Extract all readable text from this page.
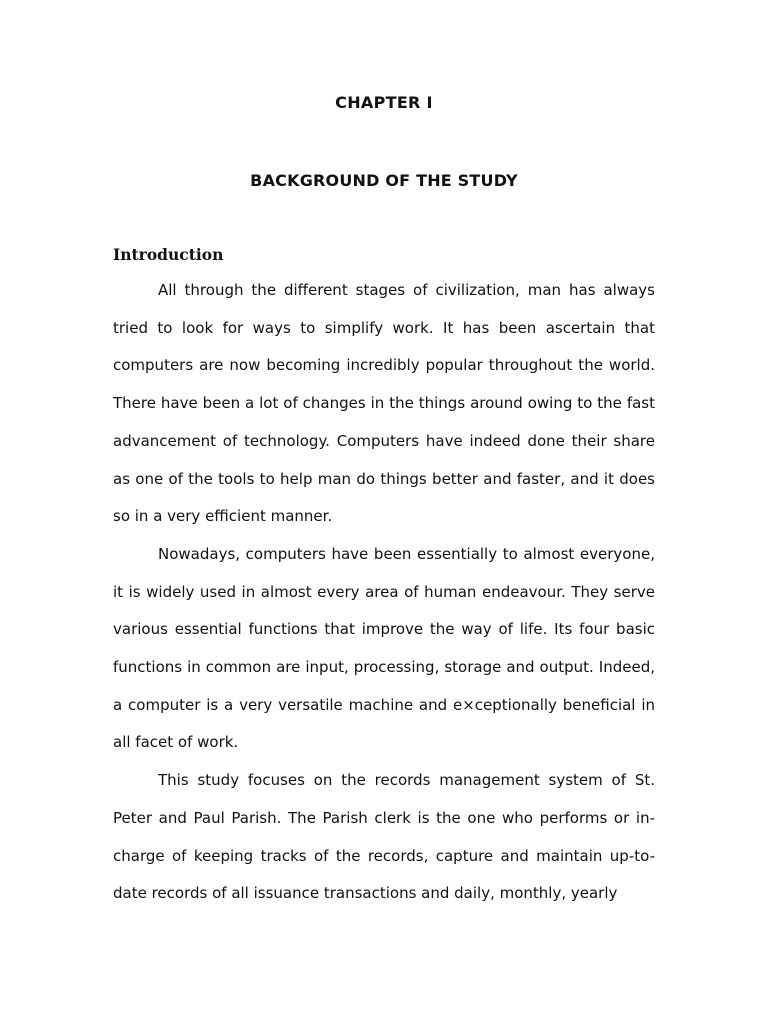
CHAPTER I
BACKGROUND OF THE STUDY
Introduction

All through the different stages of civilization, man has always tried to look for ways to simplify work. It has been ascertain that computers are now becoming incredibly popular throughout the world. There have been a lot of changes in the things around owing to the fast advancement of technology. Computers have indeed done their share as one of the tools to help man do things better and faster, and it does so in a very efficient manner.

Nowadays, computers have been essentially to almost everyone, it is widely used in almost every area of human endeavour. They serve various essential functions that improve the way of life. Its four basic functions in common are input, processing, storage and output. Indeed, a computer is a very versatile machine and e×ceptionally beneficial in all facet of work.

This study focuses on the records management system of St. Peter and Paul Parish. The Parish clerk is the one who performs or in-charge of keeping tracks of the records, capture and maintain up-to-date records of all issuance transactions and daily, monthly, yearly
